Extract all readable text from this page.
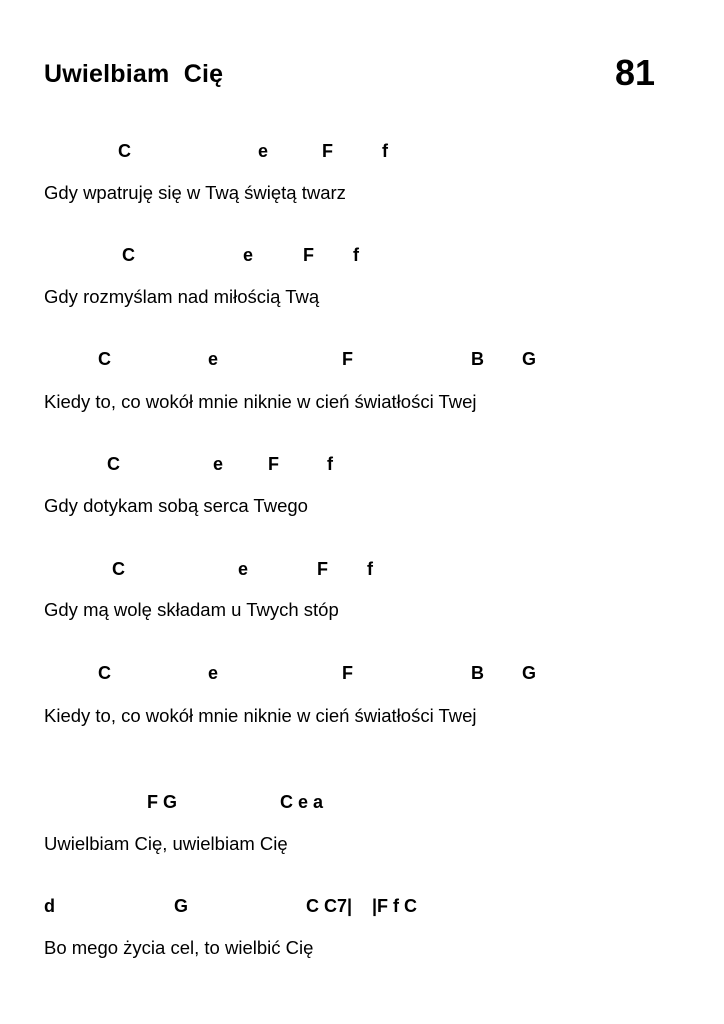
Uwielbiam  Cię	81
C	e	F	f
Gdy wpatruję się w Twą świętą twarz
C	e	F f
Gdy rozmyślam nad miłością Twą
C	e	F	B G
Kiedy to, co wokół mnie niknie w cień światłości Twej
C	e F	f
Gdy dotykam sobą serca Twego
C	e	F f
Gdy mą wolę składam u Twych stóp
C	e	F	B G
Kiedy to, co wokół mnie niknie w cień światłości Twej
F G	C e a
Uwielbiam Cię, uwielbiam Cię
d	G	C C7| |F f C
Bo mego życia cel, to wielbić Cię
